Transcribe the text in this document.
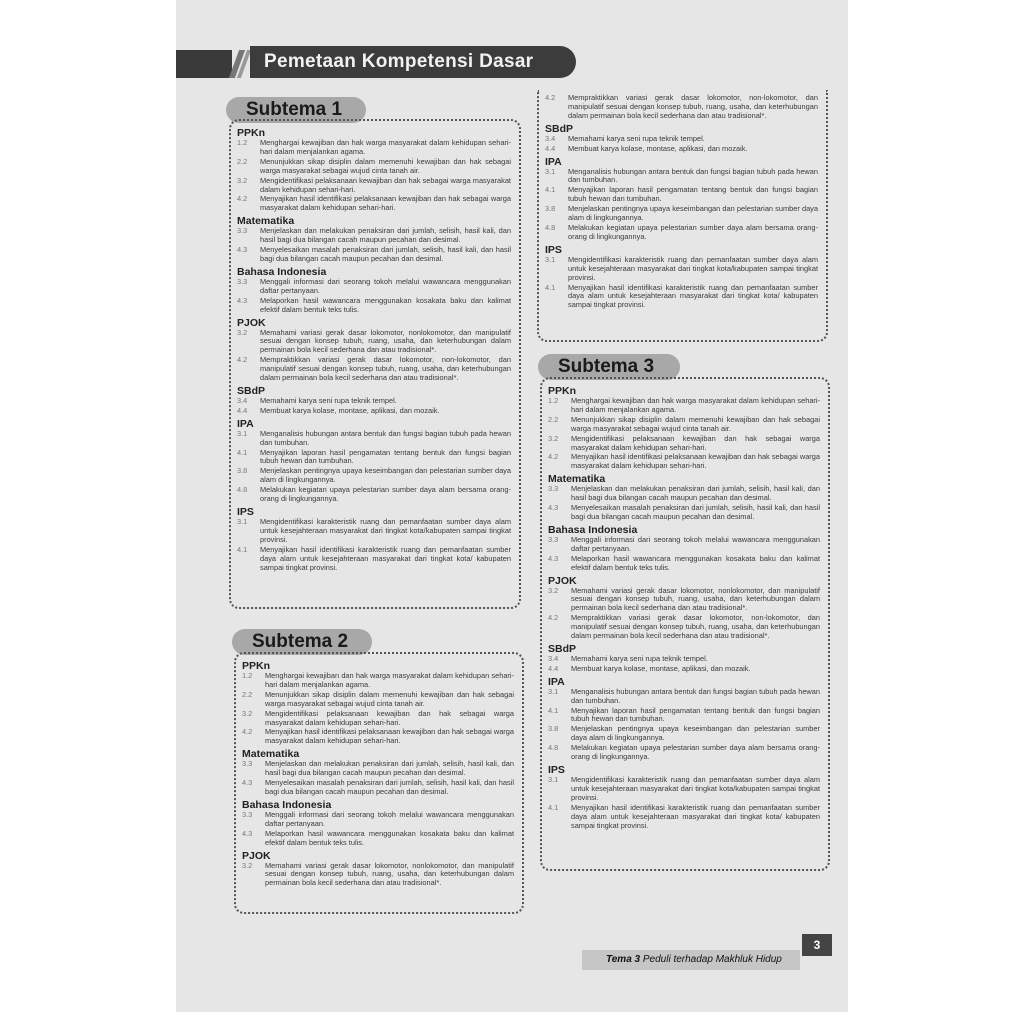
Pemetaan Kompetensi Dasar
Subtema 1
PPKn
1.2	Menghargai kewajiban dan hak warga masyarakat dalam kehidupan sehari-hari dalam menjalankan agama.
2.2	Menunjukkan sikap disiplin dalam memenuhi kewajiban dan hak sebagai warga masyarakat sebagai wujud cinta tanah air.
3.2	Mengidentifikasi pelaksanaan kewajiban dan hak sebagai warga masyarakat dalam kehidupan sehari-hari.
4.2	Menyajikan hasil identifikasi pelaksanaan kewajiban dan hak sebagai warga masyarakat dalam kehidupan sehari-hari.
Matematika
3.3	Menjelaskan dan melakukan penaksiran dari jumlah, selisih, hasil kali, dan hasil bagi dua bilangan cacah maupun pecahan dan desimal.
4.3	Menyelesaikan masalah penaksiran dari jumlah, selisih, hasil kali, dan hasil bagi dua bilangan cacah maupun pecahan dan desimal.
Bahasa Indonesia
3.3	Menggali informasi dari seorang tokoh melalui wawancara menggunakan daftar pertanyaan.
4.3	Melaporkan hasil wawancara menggunakan kosakata baku dan kalimat efektif dalam bentuk teks tulis.
PJOK
3.2	Memahami variasi gerak dasar lokomotor, nonlokomotor, dan manipulatif sesuai dengan konsep tubuh, ruang, usaha, dan keterhubungan dalam permainan bola kecil sederhana dan atau tradisional*.
4.2	Mempraktikkan variasi gerak dasar lokomotor, non-lokomotor, dan manipulatif sesuai dengan konsep tubuh, ruang, usaha, dan keterhubungan dalam permainan bola kecil sederhana dan atau tradisional*.
SBdP
3.4	Memahami karya seni rupa teknik tempel.
4.4	Membuat karya kolase, montase, aplikasi, dan mozaik.
IPA
3.1	Menganalisis hubungan antara bentuk dan fungsi bagian tubuh pada hewan dan tumbuhan.
4.1	Menyajikan laporan hasil pengamatan tentang bentuk dan fungsi bagian tubuh hewan dan tumbuhan.
3.8	Menjelaskan pentingnya upaya keseimbangan dan pelestarian sumber daya alam di lingkungannya.
4.8	Melakukan kegiatan upaya pelestarian sumber daya alam bersama orang-orang di lingkungannya.
IPS
3.1	Mengidentifikasi karakteristik ruang dan pemanfaatan sumber daya alam untuk kesejahteraan masyarakat dari tingkat kota/kabupaten sampai tingkat provinsi.
4.1	Menyajikan hasil identifikasi karakteristik ruang dan pemanfaatan sumber daya alam untuk kesejahteraan masyarakat dari tingkat kota/ kabupaten sampai tingkat provinsi.
Subtema 2
PPKn
1.2	Menghargai kewajiban dan hak warga masyarakat dalam kehidupan sehari-hari dalam menjalankan agama.
2.2	Menunjukkan sikap disiplin dalam memenuhi kewajiban dan hak sebagai warga masyarakat sebagai wujud cinta tanah air.
3.2	Mengidentifikasi pelaksanaan kewajiban dan hak sebagai warga masyarakat dalam kehidupan sehari-hari.
4.2	Menyajikan hasil identifikasi pelaksanaan kewajiban dan hak sebagai warga masyarakat dalam kehidupan sehari-hari.
Matematika
3.3	Menjelaskan dan melakukan penaksiran dari jumlah, selisih, hasil kali, dan hasil bagi dua bilangan cacah maupun pecahan dan desimal.
4.3	Menyelesaikan masalah penaksiran dari jumlah, selisih, hasil kali, dan hasil bagi dua bilangan cacah maupun pecahan dan desimal.
Bahasa Indonesia
3.3	Menggali informasi dari seorang tokoh melalui wawancara menggunakan daftar pertanyaan.
4.3	Melaporkan hasil wawancara menggunakan kosakata baku dan kalimat efektif dalam bentuk teks tulis.
PJOK
3.2	Memahami variasi gerak dasar lokomotor, nonlokomotor, dan manipulatif sesuai dengan konsep tubuh, ruang, usaha, dan keterhubungan dalam permainan bola kecil sederhana dan atau tradisional*.
4.2	Mempraktikkan variasi gerak dasar lokomotor, non-lokomotor, dan manipulatif sesuai dengan konsep tubuh, ruang, usaha, dan keterhubungan dalam permainan bola kecil sederhana dan atau tradisional*.
SBdP
3.4	Memahami karya seni rupa teknik tempel.
4.4	Membuat karya kolase, montase, aplikasi, dan mozaik.
IPA
3.1	Menganalisis hubungan antara bentuk dan fungsi bagian tubuh pada hewan dan tumbuhan.
4.1	Menyajikan laporan hasil pengamatan tentang bentuk dan fungsi bagian tubuh hewan dan tumbuhan.
3.8	Menjelaskan pentingnya upaya keseimbangan dan pelestarian sumber daya alam di lingkungannya.
4.8	Melakukan kegiatan upaya pelestarian sumber daya alam bersama orang-orang di lingkungannya.
IPS
3.1	Mengidentifikasi karakteristik ruang dan pemanfaatan sumber daya alam untuk kesejahteraan masyarakat dari tingkat kota/kabupaten sampai tingkat provinsi.
4.1	Menyajikan hasil identifikasi karakteristik ruang dan pemanfaatan sumber daya alam untuk kesejahteraan masyarakat dari tingkat kota/ kabupaten sampai tingkat provinsi.
Subtema 3
PPKn
1.2	Menghargai kewajiban dan hak warga masyarakat dalam kehidupan sehari-hari dalam menjalankan agama.
2.2	Menunjukkan sikap disiplin dalam memenuhi kewajiban dan hak sebagai warga masyarakat sebagai wujud cinta tanah air.
3.2	Mengidentifikasi pelaksanaan kewajiban dan hak sebagai warga masyarakat dalam kehidupan sehari-hari.
4.2	Menyajikan hasil identifikasi pelaksanaan kewajiban dan hak sebagai warga masyarakat dalam kehidupan sehari-hari.
Matematika
3.3	Menjelaskan dan melakukan penaksiran dari jumlah, selisih, hasil kali, dan hasil bagi dua bilangan cacah maupun pecahan dan desimal.
4.3	Menyelesaikan masalah penaksiran dari jumlah, selisih, hasil kali, dan hasil bagi dua bilangan cacah maupun pecahan dan desimal.
Bahasa Indonesia
3.3	Menggali informasi dari seorang tokoh melalui wawancara menggunakan daftar pertanyaan.
4.3	Melaporkan hasil wawancara menggunakan kosakata baku dan kalimat efektif dalam bentuk teks tulis.
PJOK
3.2	Memahami variasi gerak dasar lokomotor, nonlokomotor, dan manipulatif sesuai dengan konsep tubuh, ruang, usaha, dan keterhubungan dalam permainan bola kecil sederhana dan atau tradisional*.
4.2	Mempraktikkan variasi gerak dasar lokomotor, non-lokomotor, dan manipulatif sesuai dengan konsep tubuh, ruang, usaha, dan keterhubungan dalam permainan bola kecil sederhana dan atau tradisional*.
SBdP
3.4	Memahami karya seni rupa teknik tempel.
4.4	Membuat karya kolase, montase, aplikasi, dan mozaik.
IPA
3.1	Menganalisis hubungan antara bentuk dan fungsi bagian tubuh pada hewan dan tumbuhan.
4.1	Menyajikan laporan hasil pengamatan tentang bentuk dan fungsi bagian tubuh hewan dan tumbuhan.
3.8	Menjelaskan pentingnya upaya keseimbangan dan pelestarian sumber daya alam di lingkungannya.
4.8	Melakukan kegiatan upaya pelestarian sumber daya alam bersama orang-orang di lingkungannya.
IPS
3.1	Mengidentifikasi karakteristik ruang dan pemanfaatan sumber daya alam untuk kesejahteraan masyarakat dari tingkat kota/kabupaten sampai tingkat provinsi.
4.1	Menyajikan hasil identifikasi karakteristik ruang dan pemanfaatan sumber daya alam untuk kesejahteraan masyarakat dari tingkat kota/ kabupaten sampai tingkat provinsi.
Tema 3 Peduli terhadap Makhluk Hidup
3
